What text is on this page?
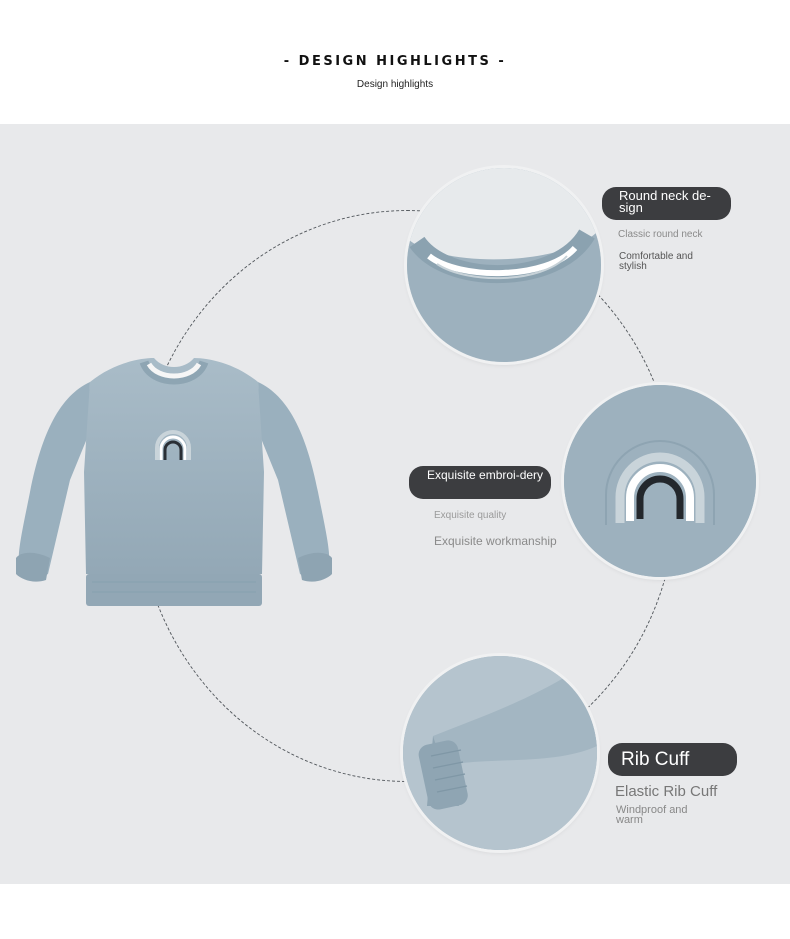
- DESIGN HIGHLIGHTS -
Design highlights
Round neck de-sign
Classic round neck
Comfortable and stylish
Exquisite embroi-dery
Exquisite quality
Exquisite workmanship
Rib Cuff
Elastic Rib Cuff
Windproof and warm
